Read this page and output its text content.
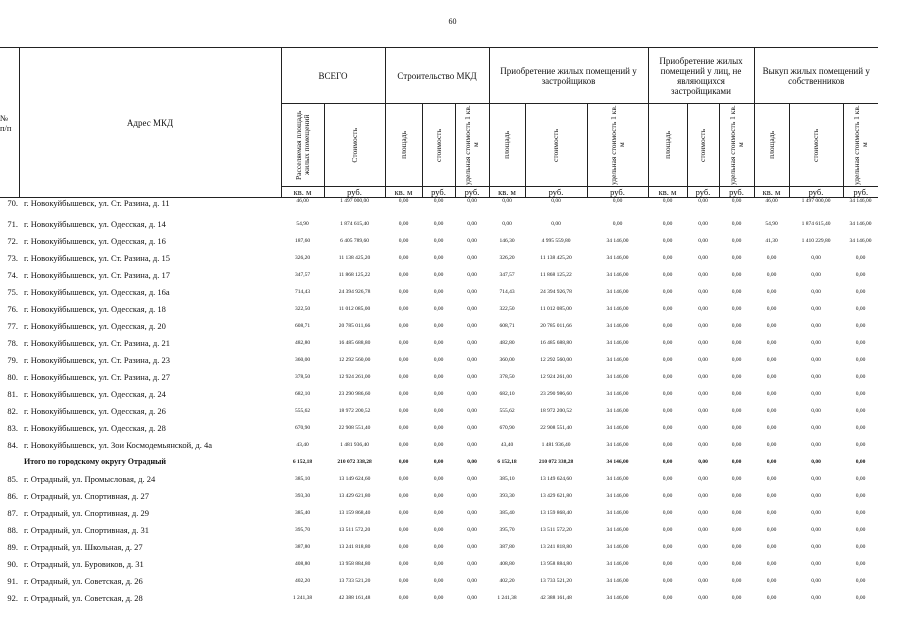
60
№ п/п	Адрес МКД	ВСЕГО		Строительство МКД			Приобретение жилых помещений у застройщиков			Приобретение жилых помещений у лиц, не являющихся застройщиками			Выкуп жилых помещений у собственников		

		Расселяемая площадь жилых помещений	Стоимость	площадь	стоимость	удельная стоимость 1 кв. м	площадь	стоимость	удельная стоимость 1 кв. м	площадь	стоимость	удельная стоимость 1 кв. м	площадь	стоимость	удельная стоимость 1 кв. м

		кв. м	руб.	кв. м	руб.	руб.	кв. м	руб.	руб.	кв. м	руб.	руб.	кв. м	руб.	руб.
70.	г. Новокуйбышевск, ул. Ст. Разина, д. 11	46,00	1 497 000,00	0,00	0,00	0,00	0,00	0,00	0,00	0,00	0,00	0,00	46,00	1 497 000,00	34 146,00
71.	г. Новокуйбышевск, ул. Одесская, д. 14	54,90	1 874 615,40	0,00	0,00	0,00	0,00	0,00	0,00	0,00	0,00	0,00	54,90	1 874 615,40	34 146,00
72.	г. Новокуйбышевск, ул. Одесская, д. 16	187,60	6 405 789,60	0,00	0,00	0,00	146,30	4 995 559,80	34 146,00	0,00	0,00	0,00	41,30	1 410 229,80	34 146,00
73.	г. Новокуйбышевск, ул. Ст. Разина, д. 15	326,20	11 138 425,20	0,00	0,00	0,00	326,20	11 138 425,20	34 146,00	0,00	0,00	0,00	0,00	0,00	0,00
74.	г. Новокуйбышевск, ул. Ст. Разина, д. 17	347,57	11 868 125,22	0,00	0,00	0,00	347,57	11 868 125,22	34 146,00	0,00	0,00	0,00	0,00	0,00	0,00
75.	г. Новокуйбышевск, ул. Одесская, д. 16а	714,43	24 394 926,78	0,00	0,00	0,00	714,43	24 394 926,78	34 146,00	0,00	0,00	0,00	0,00	0,00	0,00
76.	г. Новокуйбышевск, ул. Одесская, д. 18	322,50	11 012 085,00	0,00	0,00	0,00	322,50	11 012 085,00	34 146,00	0,00	0,00	0,00	0,00	0,00	0,00
77.	г. Новокуйбышевск, ул. Одесская, д. 20	608,71	20 785 011,66	0,00	0,00	0,00	608,71	20 785 011,66	34 146,00	0,00	0,00	0,00	0,00	0,00	0,00
78.	г. Новокуйбышевск, ул. Ст. Разина, д. 21	482,80	16 485 688,80	0,00	0,00	0,00	482,80	16 485 688,80	34 146,00	0,00	0,00	0,00	0,00	0,00	0,00
79.	г. Новокуйбышевск, ул. Ст. Разина, д. 23	360,00	12 292 560,00	0,00	0,00	0,00	360,00	12 292 560,00	34 146,00	0,00	0,00	0,00	0,00	0,00	0,00
80.	г. Новокуйбышевск, ул. Ст. Разина, д. 27	378,50	12 924 261,00	0,00	0,00	0,00	378,50	12 924 261,00	34 146,00	0,00	0,00	0,00	0,00	0,00	0,00
81.	г. Новокуйбышевск, ул. Одесская, д. 24	682,10	23 290 986,60	0,00	0,00	0,00	682,10	23 290 986,60	34 146,00	0,00	0,00	0,00	0,00	0,00	0,00
82.	г. Новокуйбышевск, ул. Одесская, д. 26	555,62	18 972 200,52	0,00	0,00	0,00	555,62	18 972 200,52	34 146,00	0,00	0,00	0,00	0,00	0,00	0,00
83.	г. Новокуйбышевск, ул. Одесская, д. 28	670,90	22 908 551,40	0,00	0,00	0,00	670,90	22 908 551,40	34 146,00	0,00	0,00	0,00	0,00	0,00	0,00
84.	г. Новокуйбышевск, ул. Зои Космодемьянской, д. 4а	43,40	1 481 936,40	0,00	0,00	0,00	43,40	1 481 936,40	34 146,00	0,00	0,00	0,00	0,00	0,00	0,00
	Итого по городскому округу Отрадный	6 152,18	210 072 338,28	0,00	0,00	0,00	6 152,18	210 072 338,28	34 146,00	0,00	0,00	0,00	0,00	0,00	0,00
85.	г. Отрадный, ул. Промысловая, д. 24	385,10	13 149 624,60	0,00	0,00	0,00	385,10	13 149 624,60	34 146,00	0,00	0,00	0,00	0,00	0,00	0,00
86.	г. Отрадный, ул. Спортивная, д. 27	393,30	13 429 621,80	0,00	0,00	0,00	393,30	13 429 621,80	34 146,00	0,00	0,00	0,00	0,00	0,00	0,00
87.	г. Отрадный, ул. Спортивная, д. 29	385,40	13 159 868,40	0,00	0,00	0,00	385,40	13 159 868,40	34 146,00	0,00	0,00	0,00	0,00	0,00	0,00
88.	г. Отрадный, ул. Спортивная, д. 31	395,70	13 511 572,20	0,00	0,00	0,00	395,70	13 511 572,20	34 146,00	0,00	0,00	0,00	0,00	0,00	0,00
89.	г. Отрадный, ул. Школьная, д. 27	387,80	13 241 818,80	0,00	0,00	0,00	387,80	13 241 818,80	34 146,00	0,00	0,00	0,00	0,00	0,00	0,00
90.	г. Отрадный, ул. Буровиков, д. 31	408,80	13 958 884,80	0,00	0,00	0,00	408,80	13 958 884,80	34 146,00	0,00	0,00	0,00	0,00	0,00	0,00
91.	г. Отрадный, ул. Советская, д. 26	402,20	13 733 521,20	0,00	0,00	0,00	402,20	13 733 521,20	34 146,00	0,00	0,00	0,00	0,00	0,00	0,00
92.	г. Отрадный, ул. Советская, д. 28	1 241,38	42 388 161,48	0,00	0,00	0,00	1 241,38	42 388 161,48	34 146,00	0,00	0,00	0,00	0,00	0,00	0,00
